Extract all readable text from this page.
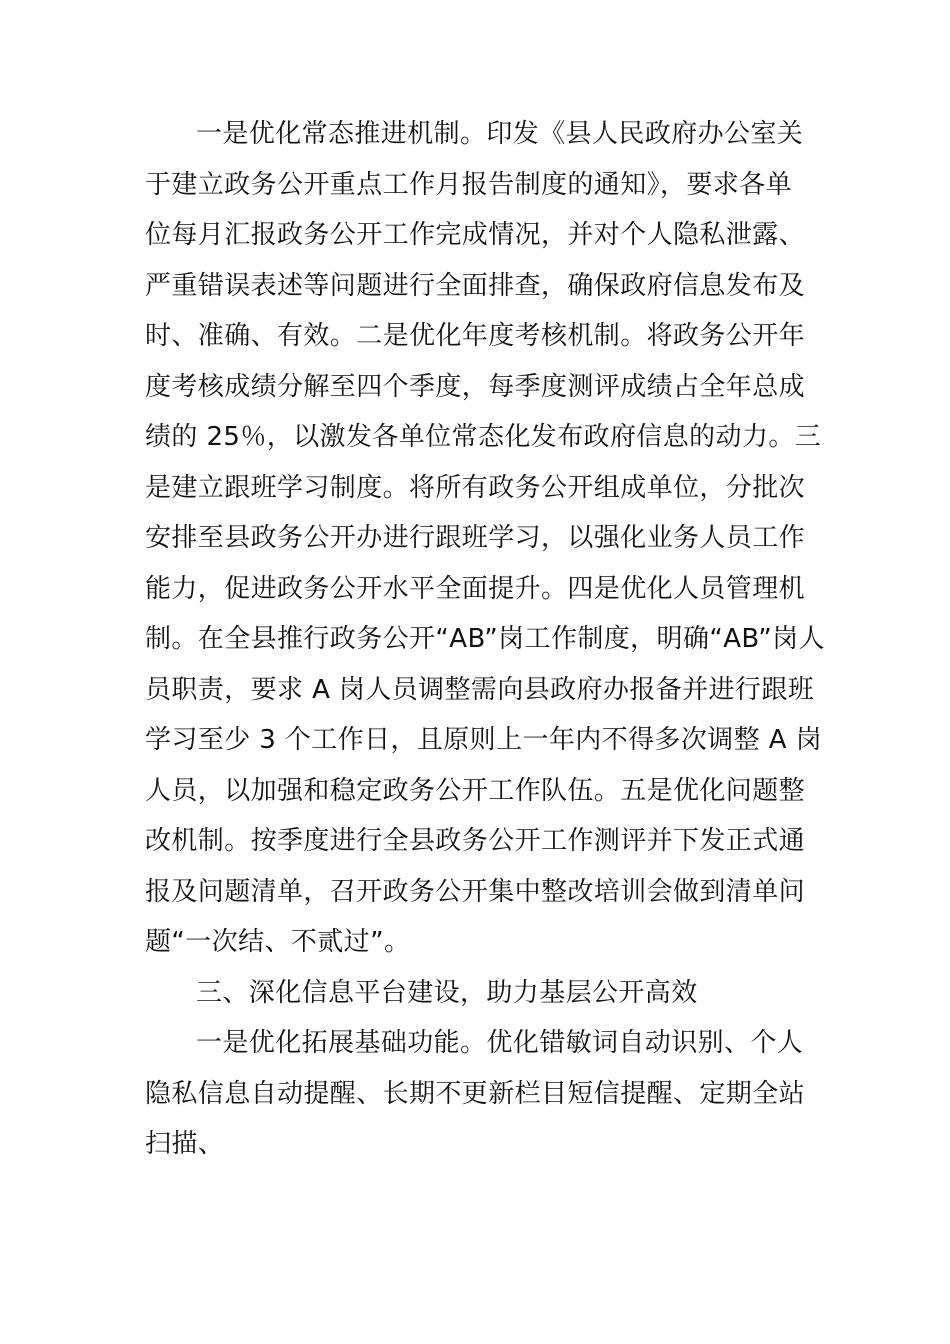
一是优化常态推进机制。印发《县人民政府办公室关
于建立政务公开重点工作月报告制度的通知》，要求各单
位每月汇报政务公开工作完成情况，并对个人隐私泄露、
严重错误表述等问题进行全面排查，确保政府信息发布及
时、准确、有效。二是优化年度考核机制。将政务公开年
度考核成绩分解至四个季度，每季度测评成绩占全年总成
绩的 25％，以激发各单位常态化发布政府信息的动力。三
是建立跟班学习制度。将所有政务公开组成单位，分批次
安排至县政务公开办进行跟班学习，以强化业务人员工作
能力，促进政务公开水平全面提升。四是优化人员管理机
制。在全县推行政务公开“AB”岗工作制度，明确“AB”岗人
员职责，要求 A 岗人员调整需向县政府办报备并进行跟班
学习至少 3 个工作日，且原则上一年内不得多次调整 A 岗
人员，以加强和稳定政务公开工作队伍。五是优化问题整
改机制。按季度进行全县政务公开工作测评并下发正式通
报及问题清单，召开政务公开集中整改培训会做到清单问
题“一次结、不贰过”。
三、深化信息平台建设，助力基层公开高效
一是优化拓展基础功能。优化错敏词自动识别、个人
隐私信息自动提醒、长期不更新栏目短信提醒、定期全站
扫描、
